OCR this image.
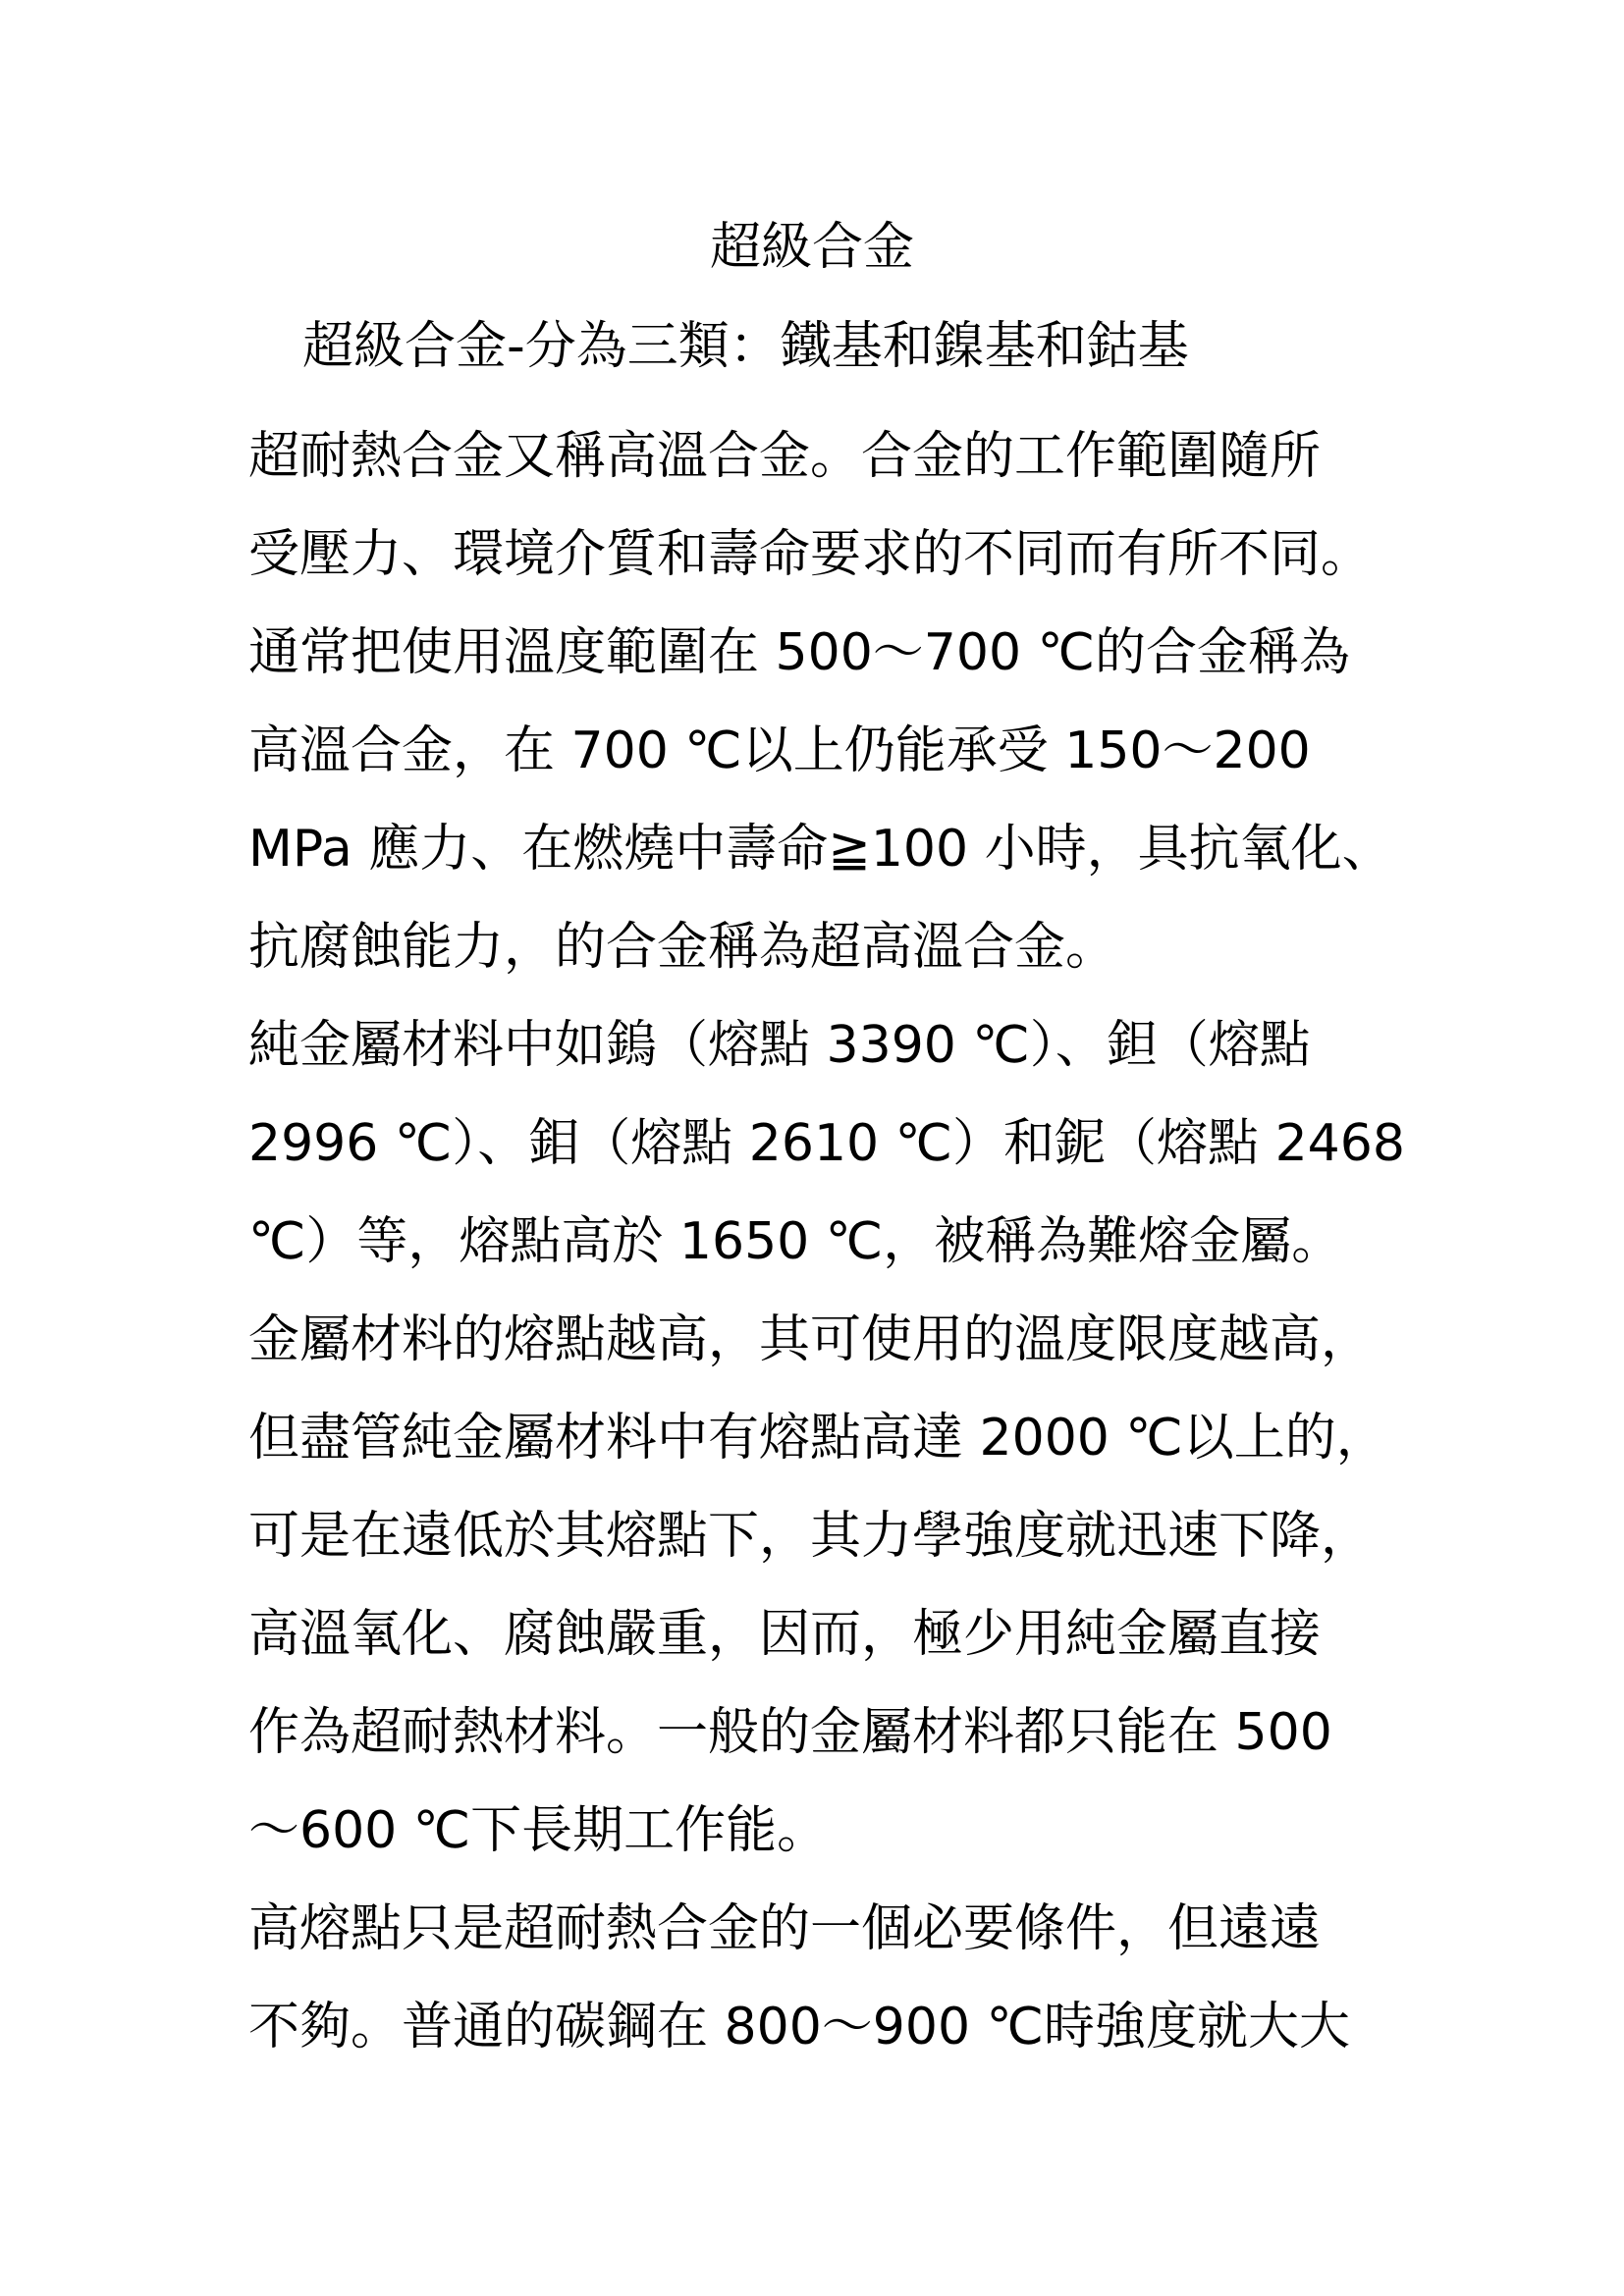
超級合金
超級合金-分為三類：鐵基和鎳基和鈷基
超耐熱合金又稱高溫合金。合金的工作範圍隨所
受壓力、環境介質和壽命要求的不同而有所不同。
通常把使用溫度範圍在 500～700 ℃的合金稱為
高溫合金，在 700 ℃以上仍能承受 150～200
MPa 應力、在燃燒中壽命≧100 小時，具抗氧化、
抗腐蝕能力，的合金稱為超高溫合金。
純金屬材料中如鎢（熔點 3390 ℃）、鉭（熔點
2996 ℃）、鉬（熔點 2610 ℃）和鈮（熔點 2468
℃）等，熔點高於 1650 ℃，被稱為難熔金屬。
金屬材料的熔點越高，其可使用的溫度限度越高，
但盡管純金屬材料中有熔點高達 2000 ℃以上的，
可是在遠低於其熔點下，其力學強度就迅速下降，
高溫氧化、腐蝕嚴重，因而，極少用純金屬直接
作為超耐熱材料。一般的金屬材料都只能在 500
～600 ℃下長期工作能。
高熔點只是超耐熱合金的一個必要條件，但遠遠
不夠。普通的碳鋼在 800～900 ℃時強度就大大
